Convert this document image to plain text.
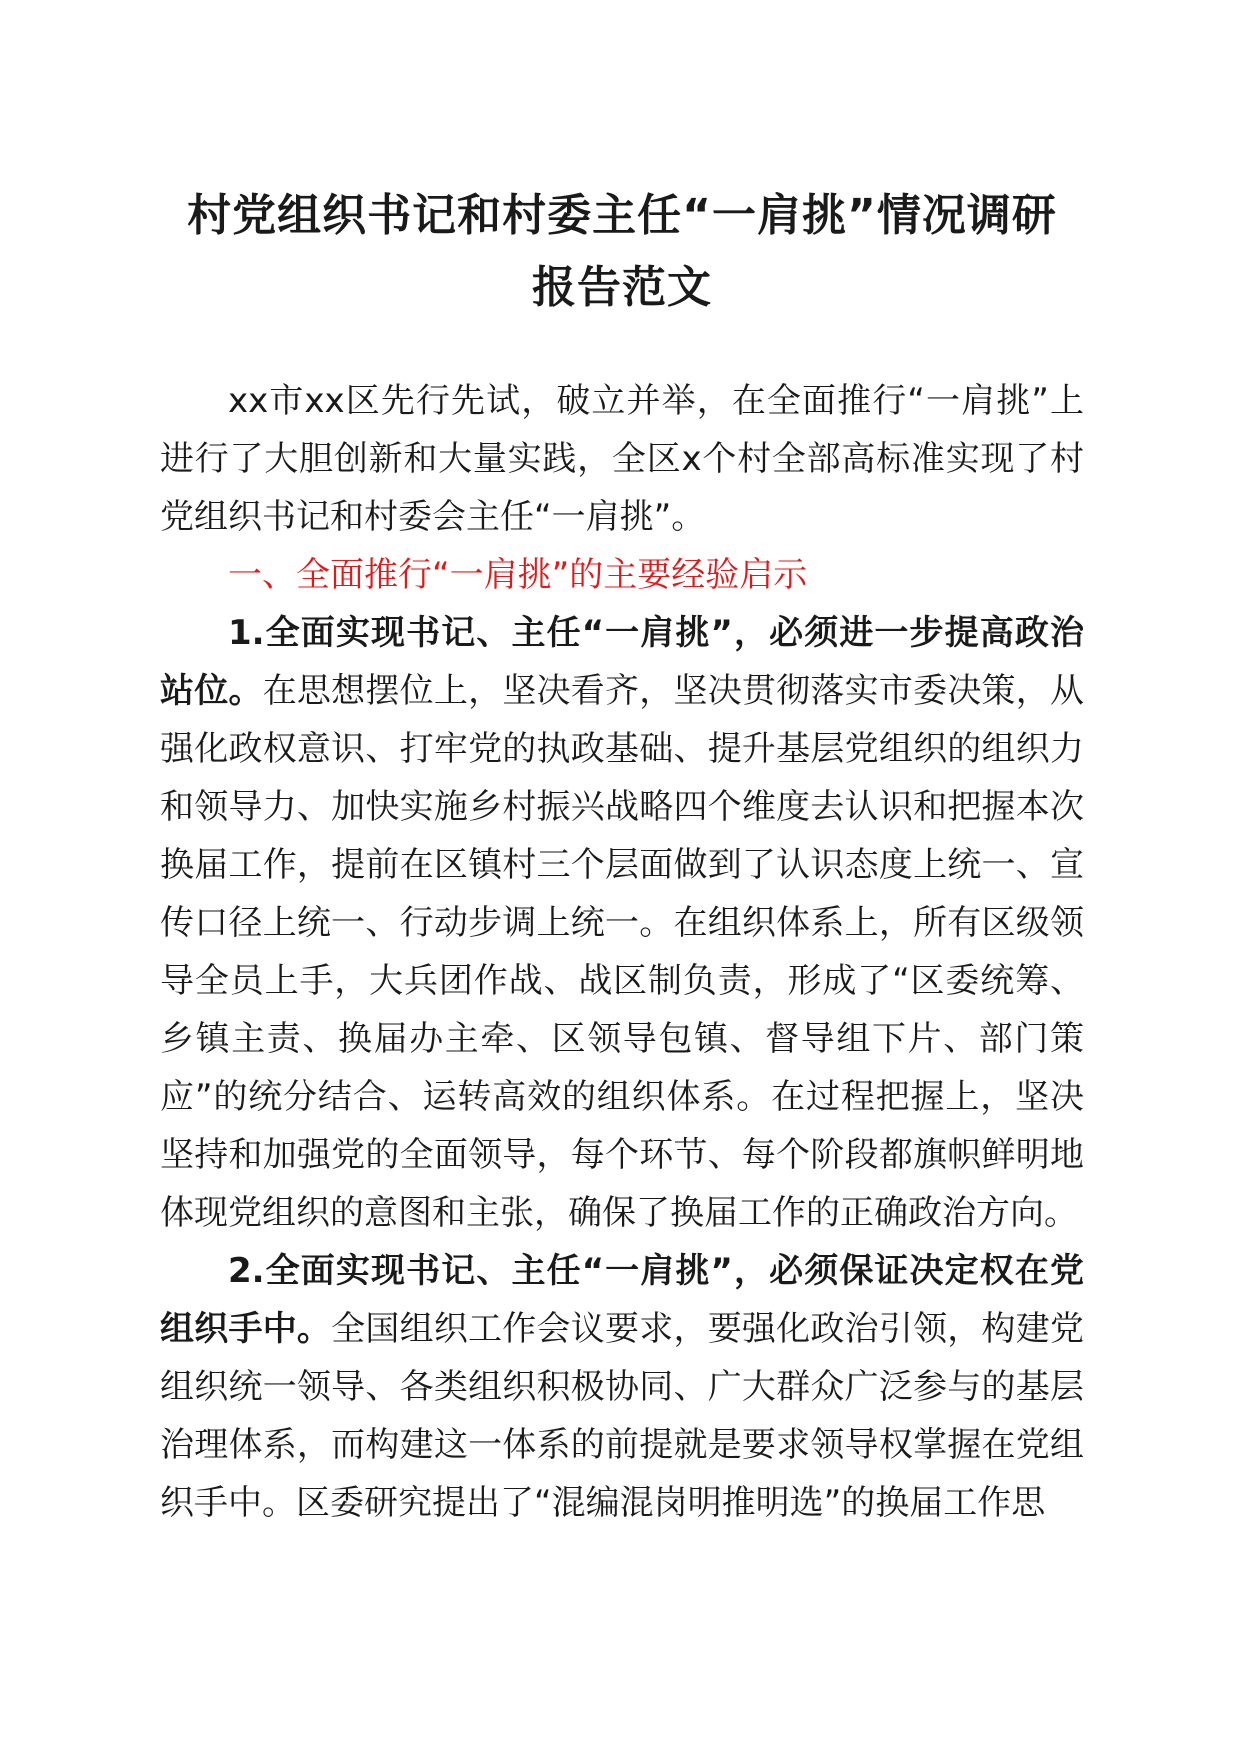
村党组织书记和村委主任“一肩挑”情况调研
报告范文

xx市xx区先行先试，破立并举，在全面推行“一肩挑”上进行了大胆创新和大量实践，全区x个村全部高标准实现了村党组织书记和村委会主任“一肩挑”。

一、全面推行“一肩挑”的主要经验启示

1.全面实现书记、主任“一肩挑”，必须进一步提高政治站位。在思想摆位上，坚决看齐，坚决贯彻落实市委决策，从强化政权意识、打牢党的执政基础、提升基层党组织的组织力和领导力、加快实施乡村振兴战略四个维度去认识和把握本次换届工作，提前在区镇村三个层面做到了认识态度上统一、宣传口径上统一、行动步调上统一。在组织体系上，所有区级领导全员上手，大兵团作战、战区制负责，形成了“区委统筹、乡镇主责、换届办主牵、区领导包镇、督导组下片、部门策应”的统分结合、运转高效的组织体系。在过程把握上，坚决坚持和加强党的全面领导，每个环节、每个阶段都旗帜鲜明地体现党组织的意图和主张，确保了换届工作的正确政治方向。

2.全面实现书记、主任“一肩挑”，必须保证决定权在党组织手中。全国组织工作会议要求，要强化政治引领，构建党组织统一领导、各类组织积极协同、广大群众广泛参与的基层治理体系，而构建这一体系的前提就是要求领导权掌握在党组织手中。区委研究提出了“混编混岗明推明选”的换届工作思
